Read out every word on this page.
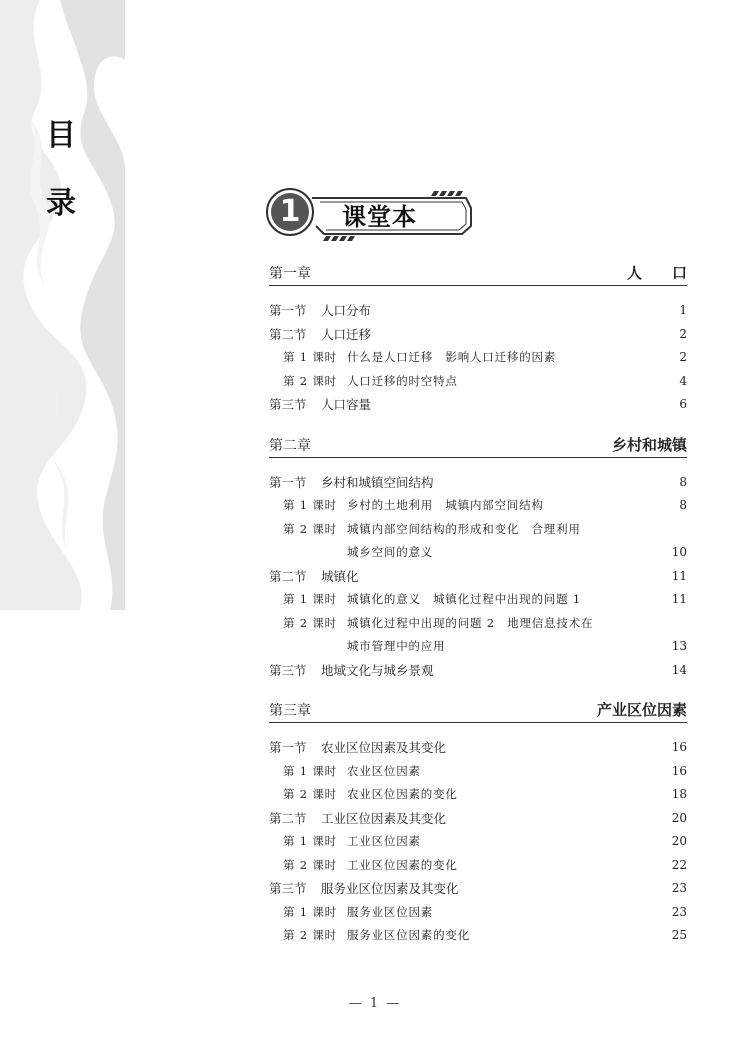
目
录	1	课堂本
第一章	人　　口
第一节	人口分布	1
第二节	人口迁移	2
第 1 课时 什么是人口迁移　影响人口迁移的因素	2
第 2 课时 人口迁移的时空特点	4
第三节	人口容量	6
第二章	乡村和城镇
第一节	乡村和城镇空间结构	8
第 1 课时 乡村的土地利用　城镇内部空间结构	8
第 2 课时 城镇内部空间结构的形成和变化　合理利用
城乡空间的意义	10
第二节	城镇化	11
第 1 课时 城镇化的意义　城镇化过程中出现的问题 1	11
第 2 课时 城镇化过程中出现的问题 2　地理信息技术在
城市管理中的应用	13
第三节	地域文化与城乡景观	14
第三章	产业区位因素
第一节	农业区位因素及其变化	16
第 1 课时 农业区位因素	16
第 2 课时 农业区位因素的变化	18
第二节	工业区位因素及其变化	20
第 1 课时 工业区位因素	20
第 2 课时 工业区位因素的变化	22
第三节	服务业区位因素及其变化	23
第 1 课时 服务业区位因素	23
第 2 课时 服务业区位因素的变化	25
— 1 —
